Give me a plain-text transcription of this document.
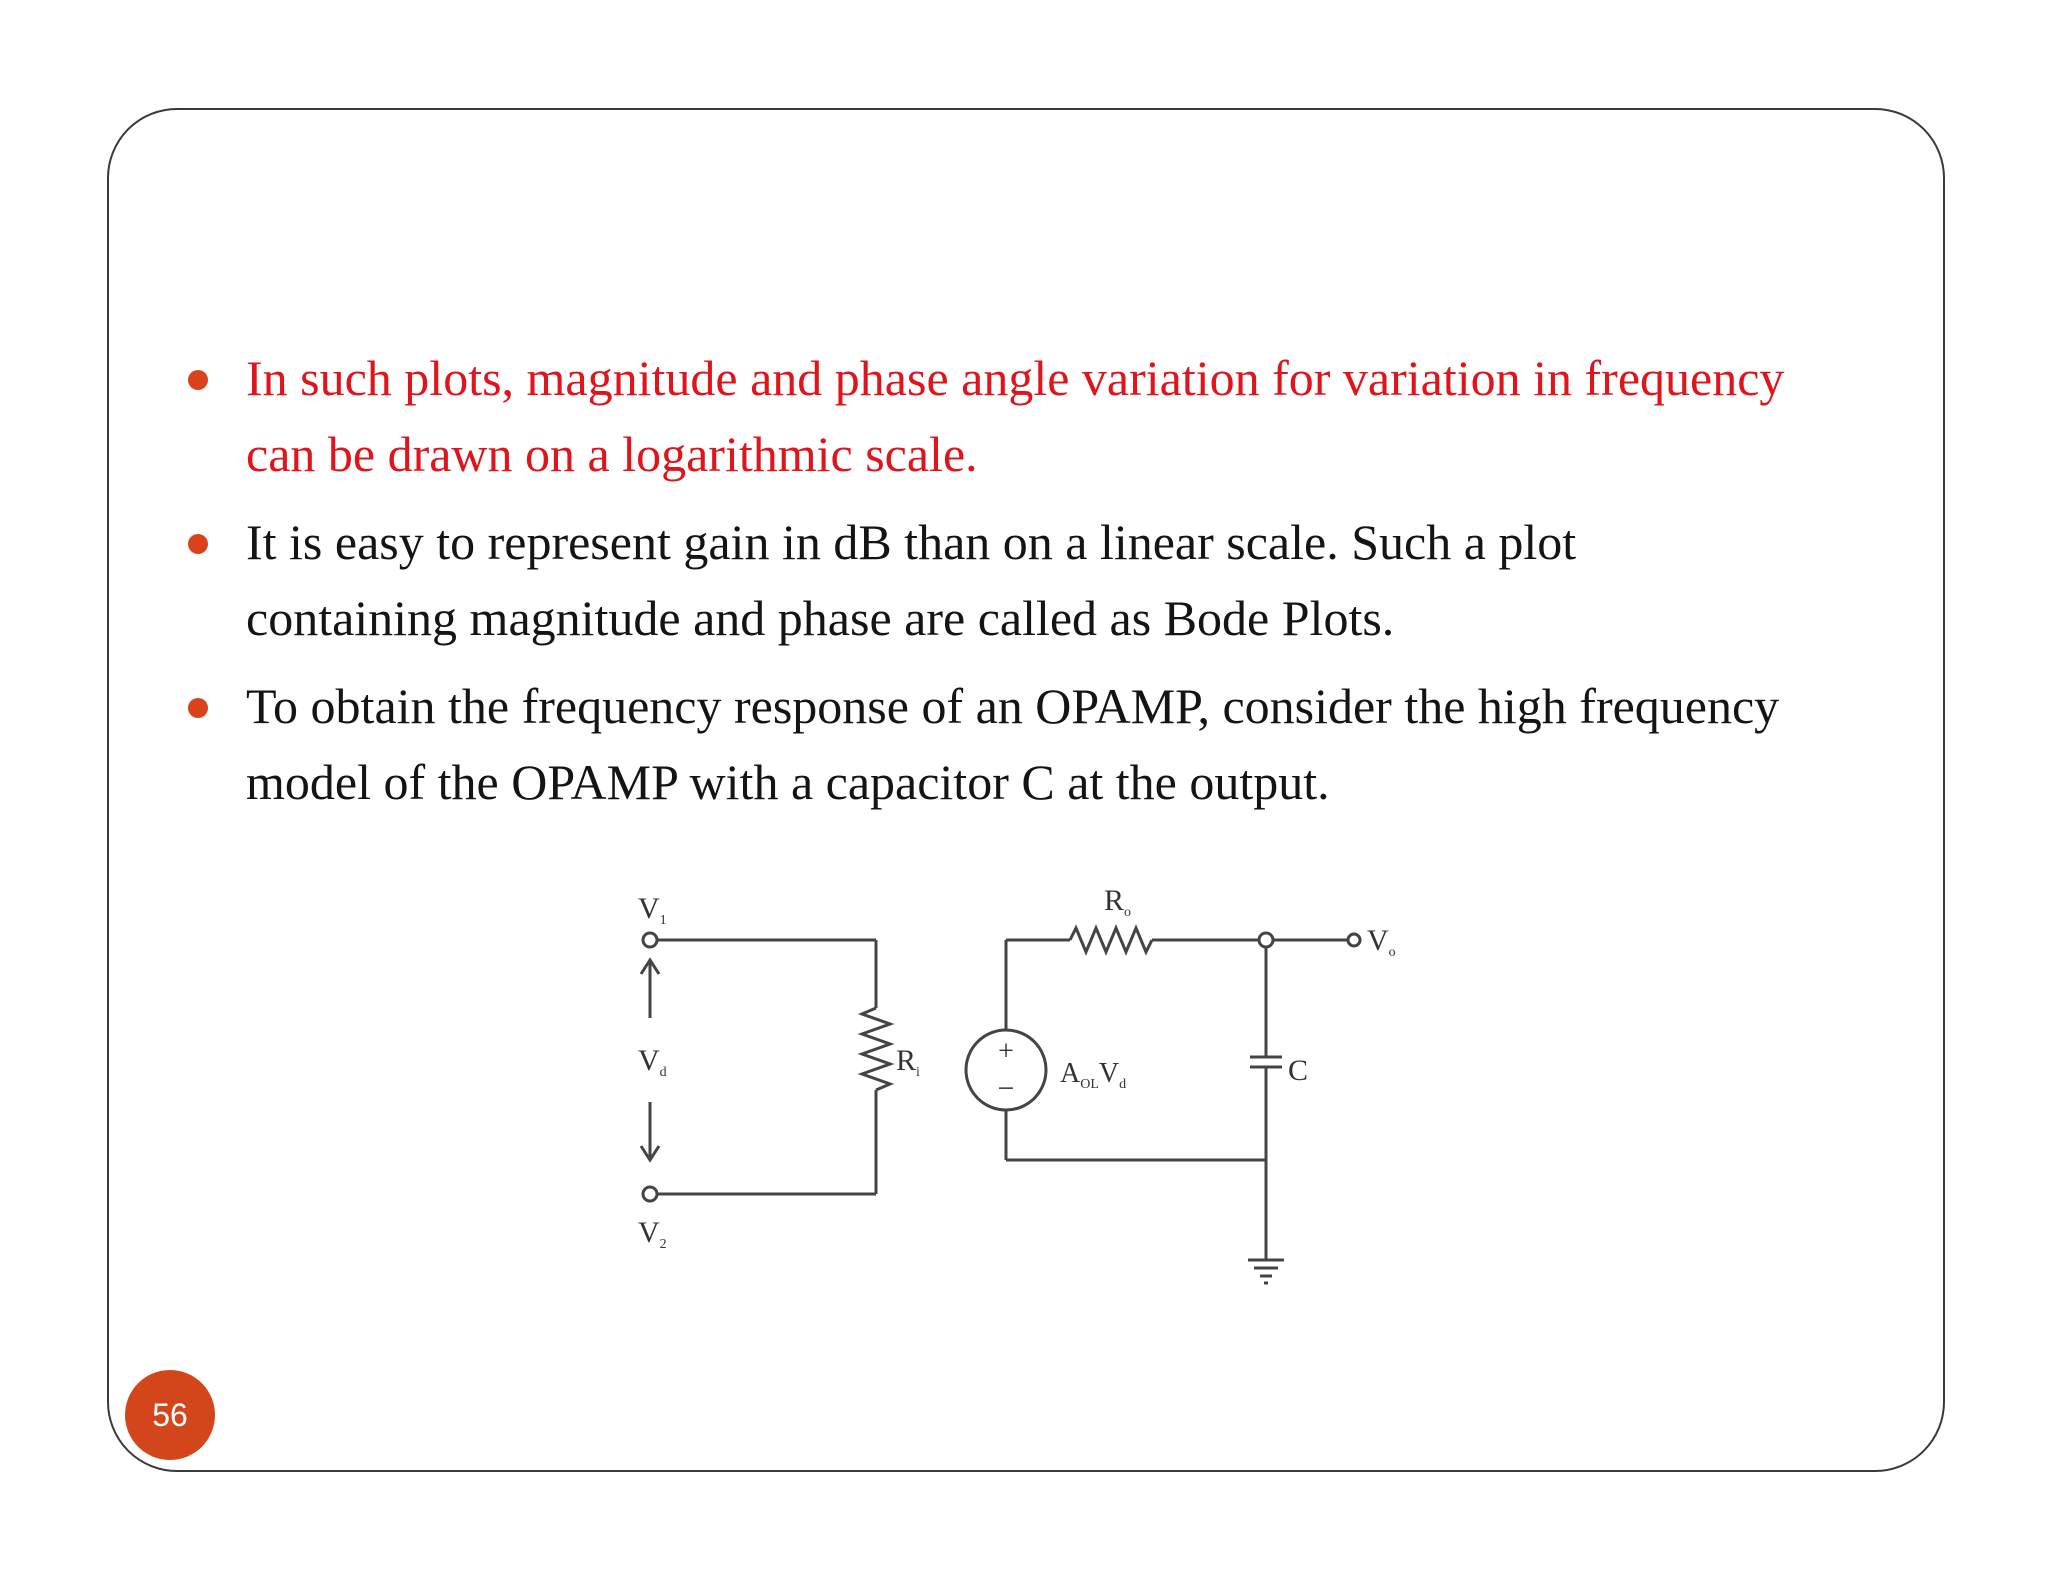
In such plots, magnitude and phase angle variation for variation in frequency can be drawn on a logarithmic scale.
It is easy to represent gain in dB than on a linear scale. Such a plot containing magnitude and phase are called as Bode Plots.
To obtain the frequency response of an OPAMP, consider the high frequency model of the OPAMP with a capacitor C at the output.
$V_1$
$V_2$
$V_d$	$R_i$
$R_o$
$V_o$
+
− $A_{OL}V_d$	C
56
